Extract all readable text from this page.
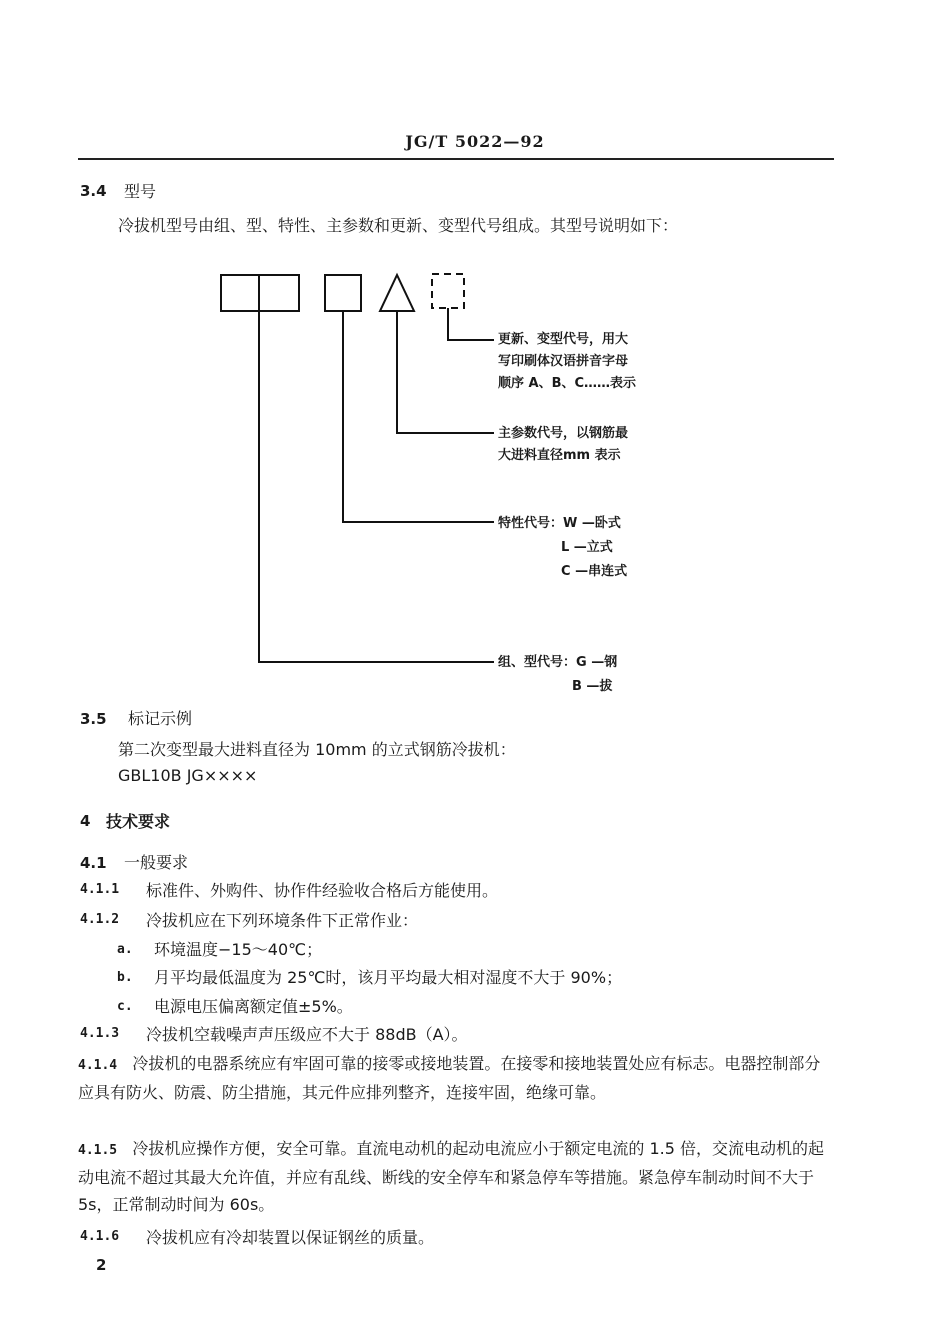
JG/T 5022—92
3.4 型号
冷拔机型号由组、型、特性、主参数和更新、变型代号组成。其型号说明如下：
更新、变型代号，用大
写印刷体汉语拼音字母
顺序 A、B、C……表示
主参数代号，以钢筋最
大进料直径mm 表示
特性代号：W —卧式
L —立式
C —串连式
组、型代号：G —钢
B —拔
3.5 标记示例
第二次变型最大进料直径为 10mm 的立式钢筋冷拔机：
GBL10B JG××××
4 技术要求
4.1 一般要求
4.1.1 标准件、外购件、协作件经验收合格后方能使用。
4.1.2 冷拔机应在下列环境条件下正常作业：
a. 环境温度−15～40℃；
b. 月平均最低温度为 25℃时，该月平均最大相对湿度不大于 90%；
c. 电源电压偏离额定值±5%。
4.1.3 冷拔机空载噪声声压级应不大于 88dB（A）。
4.1.4 冷拔机的电器系统应有牢固可靠的接零或接地装置。在接零和接地装置处应有标志。电器控制部分应具有防火、防震、防尘措施，其元件应排列整齐，连接牢固，绝缘可靠。
4.1.5 冷拔机应操作方便，安全可靠。直流电动机的起动电流应小于额定电流的 1.5 倍，交流电动机的起动电流不超过其最大允许值，并应有乱线、断线的安全停车和紧急停车等措施。紧急停车制动时间不大于 5s，正常制动时间为 60s。
4.1.6 冷拔机应有冷却装置以保证钢丝的质量。
2
